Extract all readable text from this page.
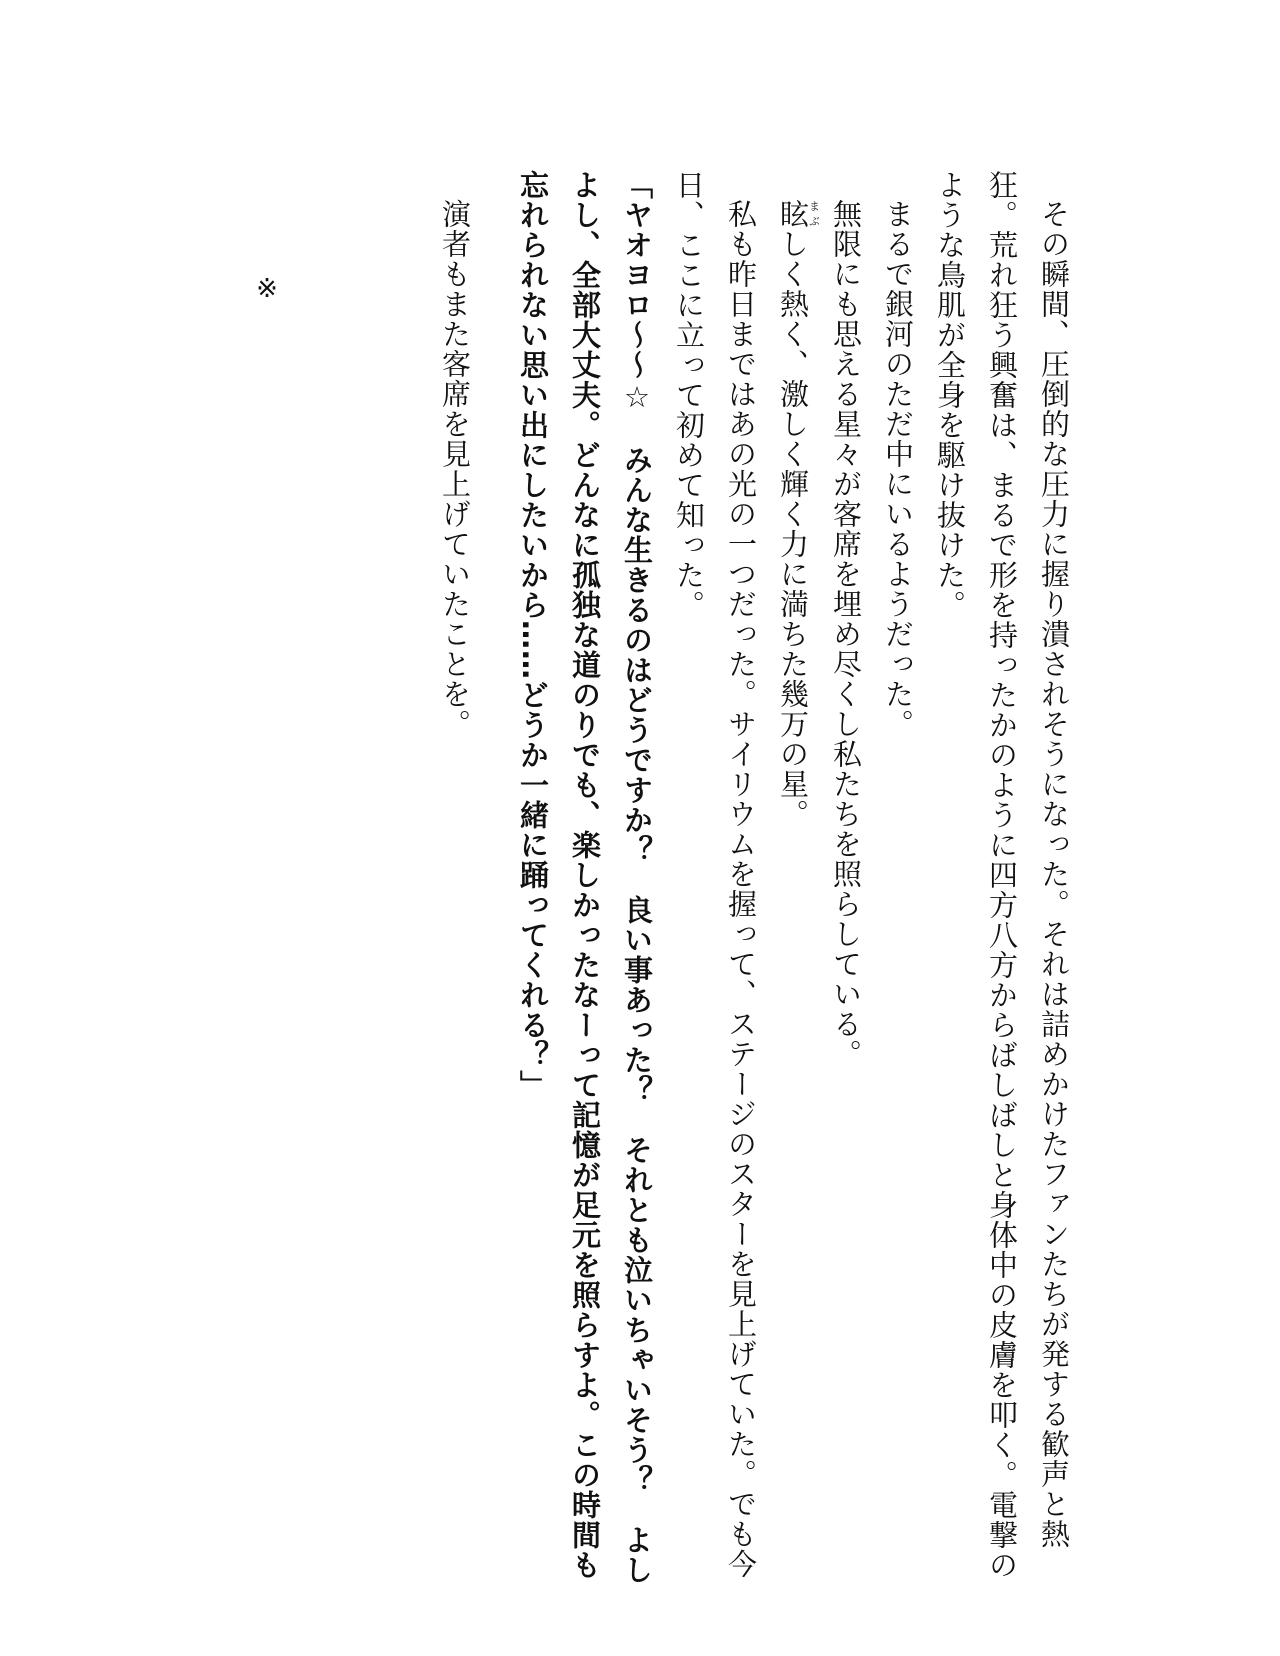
その瞬間、圧倒的な圧力に握り潰されそうになった。それは詰めかけたファンたちが発する歓声と熱狂。荒れ狂う興奮は、まるで形を持ったかのように四方八方からばしばしと身体中の皮膚を叩く。電撃のような鳥肌が全身を駆け抜けた。

まるで銀河のただ中にいるようだった。

無限にも思える星々が客席を埋め尽くし私たちを照らしている。

眩まぶしく熱く、激しく輝く力に満ちた幾万の星。

私も昨日まではあの光の一つだった。サイリウムを握って、ステージのスターを見上げていた。でも今日、ここに立って初めて知った。

「ヤオヨロ〜〜☆　みんな生きるのはどうですか？　良い事あった？　それとも泣いちゃいそう？　よしよし、全部大丈夫。どんなに孤独な道のりでも、楽しかったなーって記憶が足元を照らすよ。この時間も忘れられない思い出にしたいから……どうか一緒に踊ってくれる？」

演者もまた客席を見上げていたことを。

※
